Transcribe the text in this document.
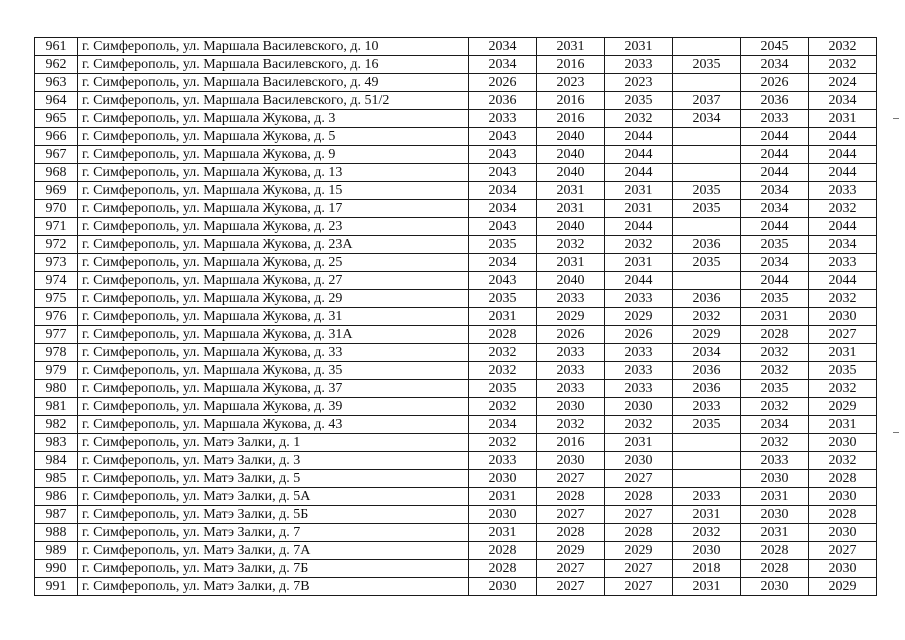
961	г. Симферополь, ул. Маршала Василевского, д. 10	2034	2031	2031		2045	2032
962	г. Симферополь, ул. Маршала Василевского, д. 16	2034	2016	2033	2035	2034	2032
963	г. Симферополь, ул. Маршала Василевского, д. 49	2026	2023	2023		2026	2024
964	г. Симферополь, ул. Маршала Василевского, д. 51/2	2036	2016	2035	2037	2036	2034
965	г. Симферополь, ул. Маршала Жукова, д. 3	2033	2016	2032	2034	2033	2031
966	г. Симферополь, ул. Маршала Жукова, д. 5	2043	2040	2044		2044	2044
967	г. Симферополь, ул. Маршала Жукова, д. 9	2043	2040	2044		2044	2044
968	г. Симферополь, ул. Маршала Жукова, д. 13	2043	2040	2044		2044	2044
969	г. Симферополь, ул. Маршала Жукова, д. 15	2034	2031	2031	2035	2034	2033
970	г. Симферополь, ул. Маршала Жукова, д. 17	2034	2031	2031	2035	2034	2032
971	г. Симферополь, ул. Маршала Жукова, д. 23	2043	2040	2044		2044	2044
972	г. Симферополь, ул. Маршала Жукова, д. 23А	2035	2032	2032	2036	2035	2034
973	г. Симферополь, ул. Маршала Жукова, д. 25	2034	2031	2031	2035	2034	2033
974	г. Симферополь, ул. Маршала Жукова, д. 27	2043	2040	2044		2044	2044
975	г. Симферополь, ул. Маршала Жукова, д. 29	2035	2033	2033	2036	2035	2032
976	г. Симферополь, ул. Маршала Жукова, д. 31	2031	2029	2029	2032	2031	2030
977	г. Симферополь, ул. Маршала Жукова, д. 31А	2028	2026	2026	2029	2028	2027
978	г. Симферополь, ул. Маршала Жукова, д. 33	2032	2033	2033	2034	2032	2031
979	г. Симферополь, ул. Маршала Жукова, д. 35	2032	2033	2033	2036	2032	2035
980	г. Симферополь, ул. Маршала Жукова, д. 37	2035	2033	2033	2036	2035	2032
981	г. Симферополь, ул. Маршала Жукова, д. 39	2032	2030	2030	2033	2032	2029
982	г. Симферополь, ул. Маршала Жукова, д. 43	2034	2032	2032	2035	2034	2031
983	г. Симферополь, ул. Матэ Залки, д. 1	2032	2016	2031		2032	2030
984	г. Симферополь, ул. Матэ Залки, д. 3	2033	2030	2030		2033	2032
985	г. Симферополь, ул. Матэ Залки, д. 5	2030	2027	2027		2030	2028
986	г. Симферополь, ул. Матэ Залки, д. 5А	2031	2028	2028	2033	2031	2030
987	г. Симферополь, ул. Матэ Залки, д. 5Б	2030	2027	2027	2031	2030	2028
988	г. Симферополь, ул. Матэ Залки, д. 7	2031	2028	2028	2032	2031	2030
989	г. Симферополь, ул. Матэ Залки, д. 7А	2028	2029	2029	2030	2028	2027
990	г. Симферополь, ул. Матэ Залки, д. 7Б	2028	2027	2027	2018	2028	2030
991	г. Симферополь, ул. Матэ Залки, д. 7В	2030	2027	2027	2031	2030	2029
